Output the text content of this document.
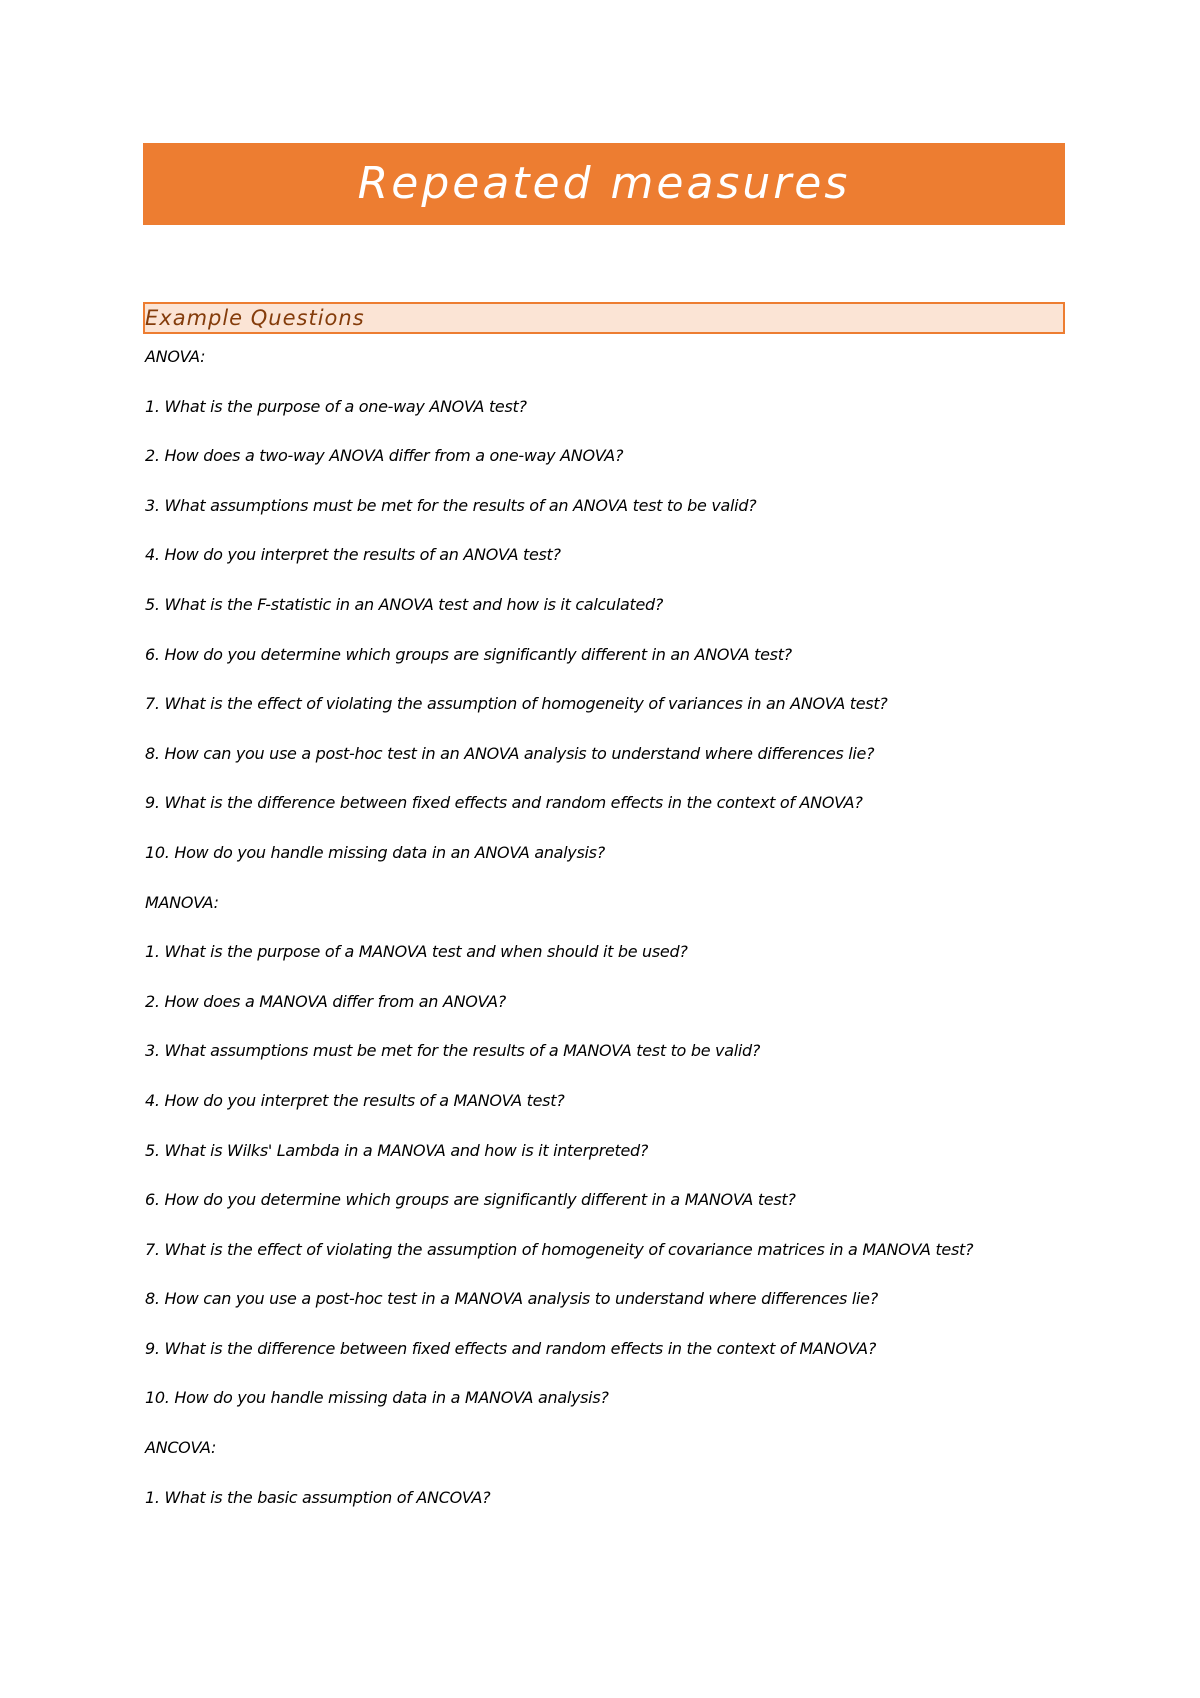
Repeated measures
Example Questions
ANOVA:
1. What is the purpose of a one-way ANOVA test?
2. How does a two-way ANOVA differ from a one-way ANOVA?
3. What assumptions must be met for the results of an ANOVA test to be valid?
4. How do you interpret the results of an ANOVA test?
5. What is the F-statistic in an ANOVA test and how is it calculated?
6. How do you determine which groups are significantly different in an ANOVA test?
7. What is the effect of violating the assumption of homogeneity of variances in an ANOVA test?
8. How can you use a post-hoc test in an ANOVA analysis to understand where differences lie?
9. What is the difference between fixed effects and random effects in the context of ANOVA?
10. How do you handle missing data in an ANOVA analysis?
MANOVA:
1. What is the purpose of a MANOVA test and when should it be used?
2. How does a MANOVA differ from an ANOVA?
3. What assumptions must be met for the results of a MANOVA test to be valid?
4. How do you interpret the results of a MANOVA test?
5. What is Wilks' Lambda in a MANOVA and how is it interpreted?
6. How do you determine which groups are significantly different in a MANOVA test?
7. What is the effect of violating the assumption of homogeneity of covariance matrices in a MANOVA test?
8. How can you use a post-hoc test in a MANOVA analysis to understand where differences lie?
9. What is the difference between fixed effects and random effects in the context of MANOVA?
10. How do you handle missing data in a MANOVA analysis?
ANCOVA:
1. What is the basic assumption of ANCOVA?
